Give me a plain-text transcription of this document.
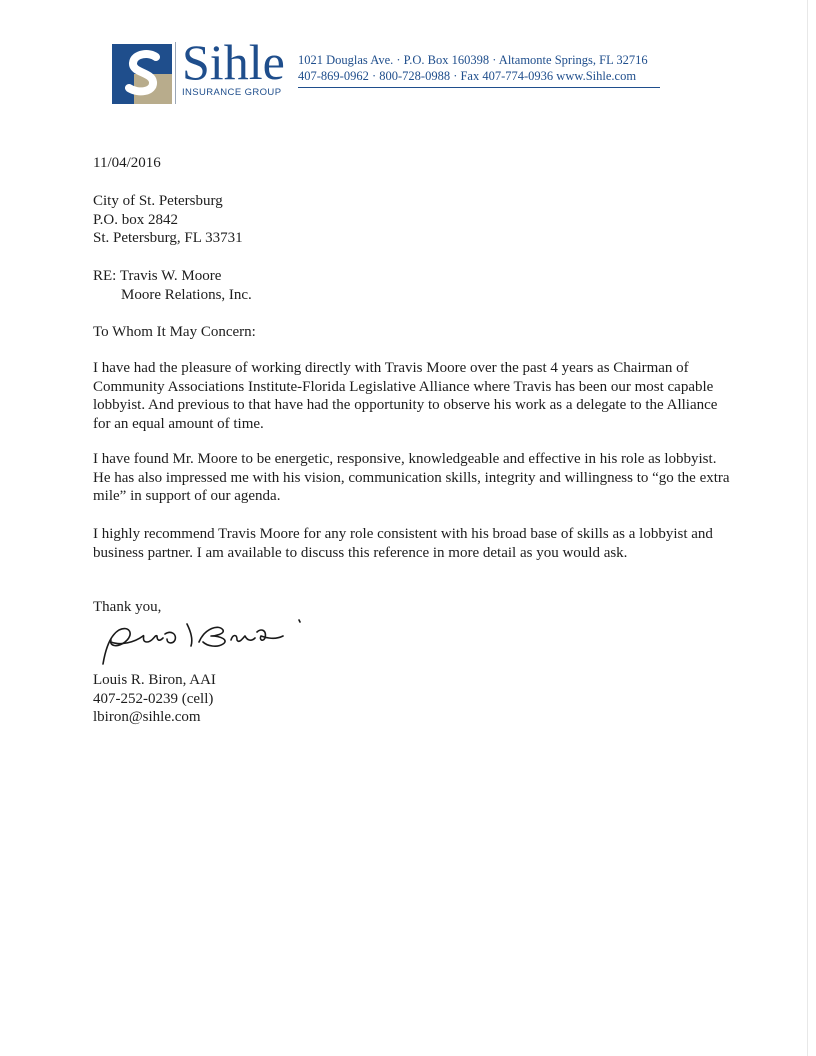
Sihle
INSURANCE GROUP
1021 Douglas Ave. · P.O. Box 160398 · Altamonte Springs, FL 32716
407-869-0962 · 800-728-0988 · Fax 407-774-0936 www.Sihle.com
11/04/2016
City of St. Petersburg
P.O. box 2842
St. Petersburg, FL 33731
RE: Travis W. Moore
Moore Relations, Inc.
To Whom It May Concern:
I have had the pleasure of working directly with Travis Moore over the past 4 years as Chairman of Community Associations Institute-Florida Legislative Alliance where Travis has been our most capable lobbyist. And previous to that have had the opportunity to observe his work as a delegate to the Alliance for an equal amount of time.
I have found Mr. Moore to be energetic, responsive, knowledgeable and effective in his role as lobbyist. He has also impressed me with his vision, communication skills, integrity and willingness to “go the extra mile” in support of our agenda.
I highly recommend Travis Moore for any role consistent with his broad base of skills as a lobbyist and business partner. I am available to discuss this reference in more detail as you would ask.
Thank you,
Louis R. Biron, AAI
407-252-0239 (cell)
lbiron@sihle.com
